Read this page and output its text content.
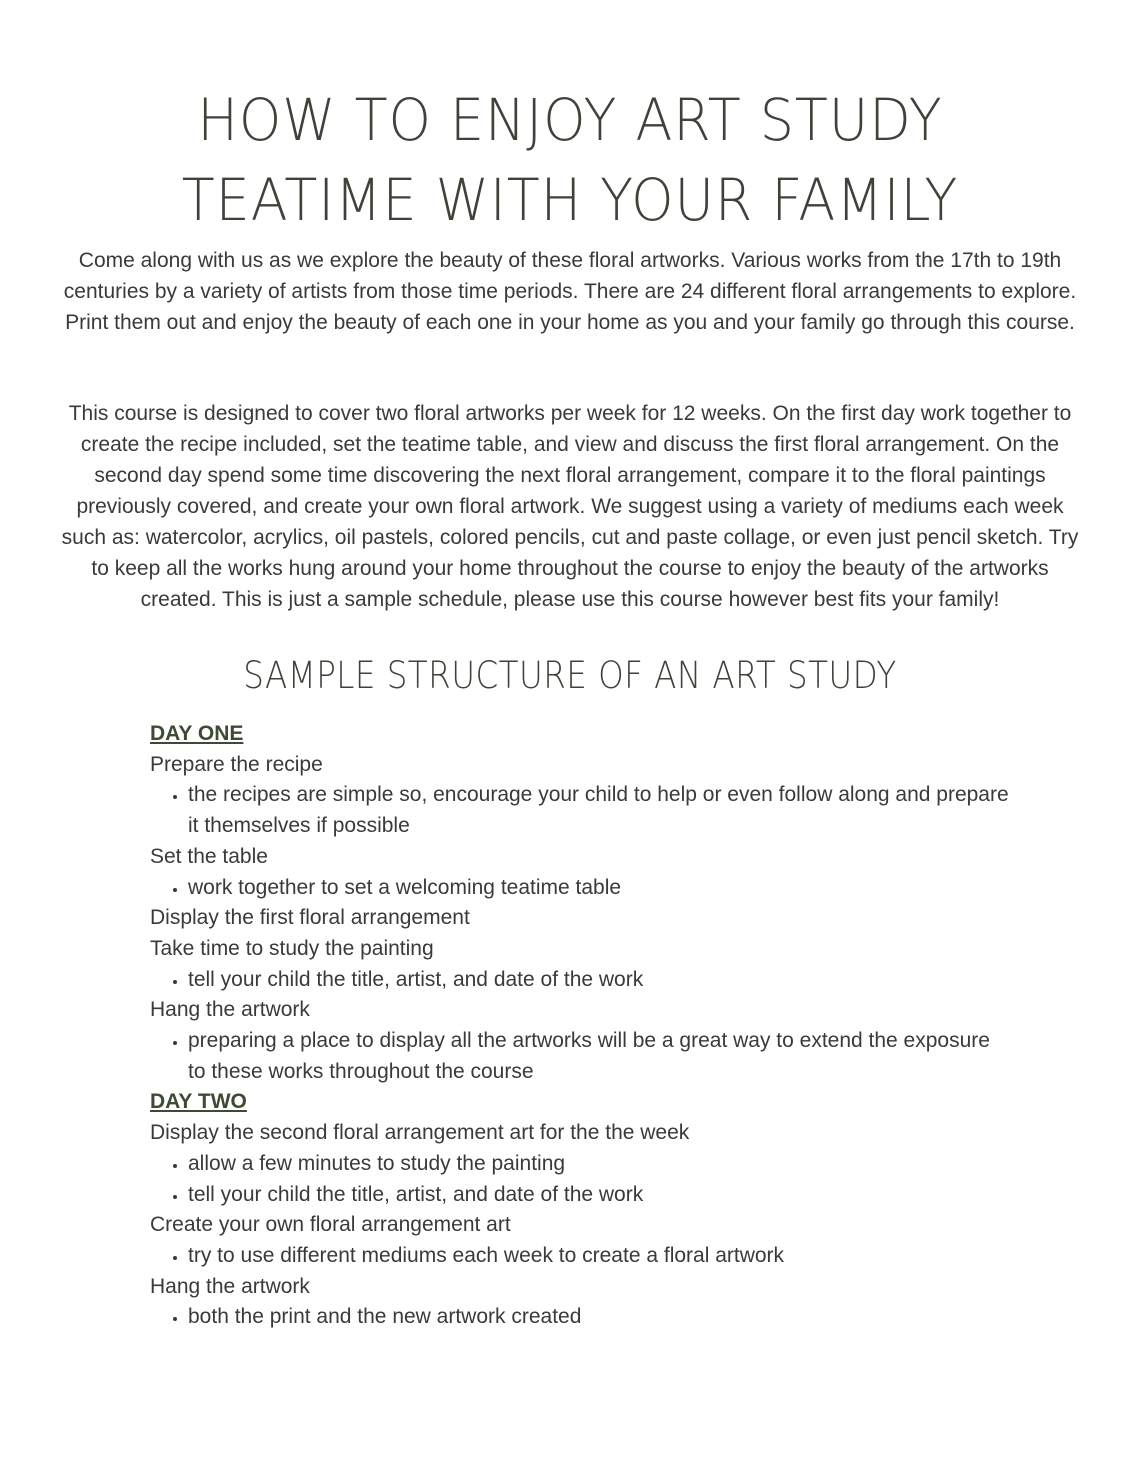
HOW TO ENJOY ART STUDY
TEATIME WITH YOUR FAMILY

Come along with us as we explore the beauty of these floral artworks. Various works from the 17th to 19th centuries by a variety of artists from those time periods. There are 24 different floral arrangements to explore. Print them out and enjoy the beauty of each one in your home as you and your family go through this course.

This course is designed to cover two floral artworks per week for 12 weeks. On the first day work together to create the recipe included, set the teatime table, and view and discuss the first floral arrangement. On the second day spend some time discovering the next floral arrangement, compare it to the floral paintings previously covered, and create your own floral artwork. We suggest using a variety of mediums each week such as: watercolor, acrylics, oil pastels, colored pencils, cut and paste collage, or even just pencil sketch. Try to keep all the works hung around your home throughout the course to enjoy the beauty of the artworks created. This is just a sample schedule, please use this course however best fits your family!

SAMPLE STRUCTURE OF AN ART STUDY
DAY ONE
Prepare the recipe
• the recipes are simple so, encourage your child to help or even follow along and prepare it themselves if possible
Set the table
• work together to set a welcoming teatime table
Display the first floral arrangement
Take time to study the painting
• tell your child the title, artist, and date of the work
Hang the artwork
• preparing a place to display all the artworks will be a great way to extend the exposure to these works throughout the course
DAY TWO
Display the second floral arrangement art for the the week
• allow a few minutes to study the painting
• tell your child the title, artist, and date of the work
Create your own floral arrangement art
• try to use different mediums each week to create a floral artwork
Hang the artwork
• both the print and the new artwork created
